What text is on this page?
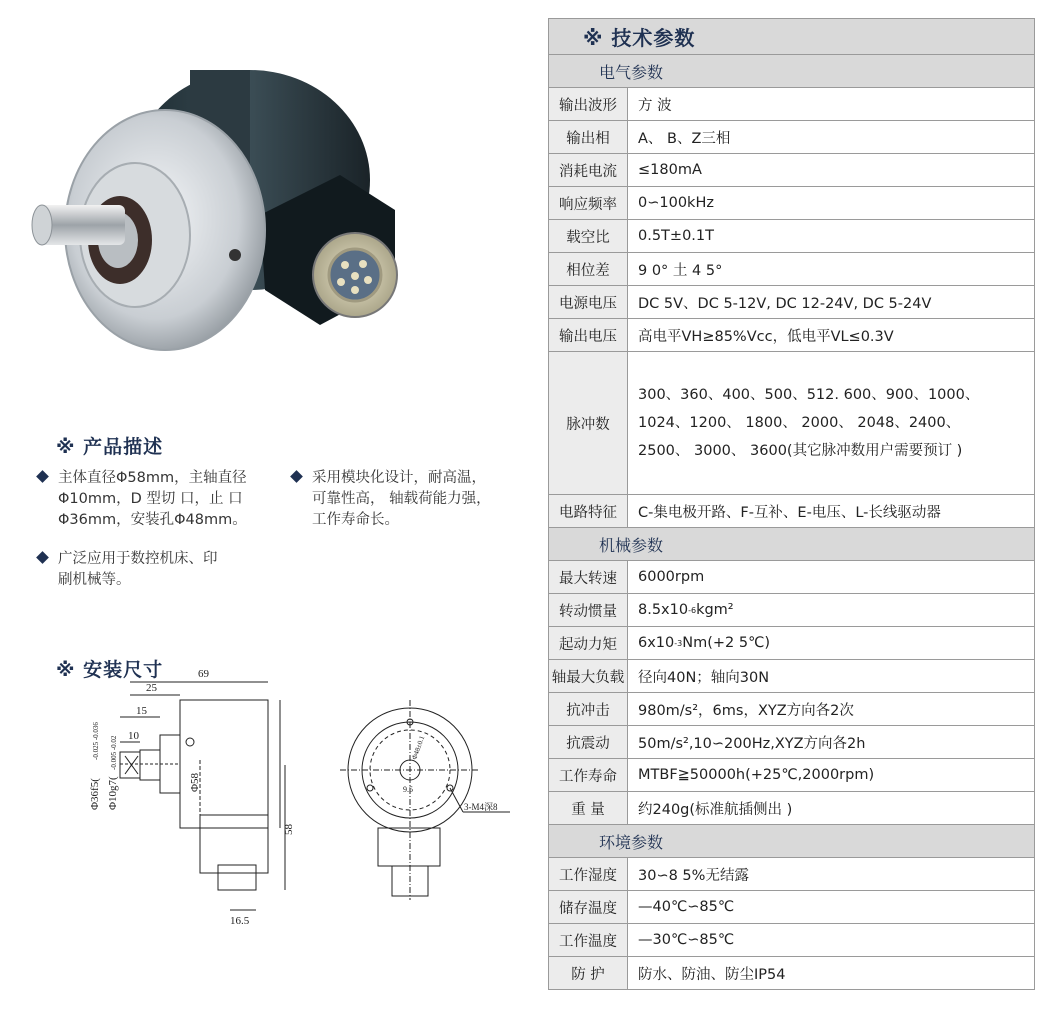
※ 产品描述
主体直径Φ58mm，主轴直径
Φ10mm，D 型切 口，止 口
Φ36mm，安装孔Φ48mm。
广泛应用于数控机床、印
刷机械等。
采用模块化设计，耐高温，
可靠性高， 轴载荷能力强，
工作寿命长。
※ 安装尺寸	69
25
15
10
Φ36f5(
-0.025 -0.036
Φ10g7(
-0.005 -0.02
Φ58
58
16.5
Φ48±0.1
9.5
3-M4深8
※ 技术参数
电气参数
输出波形	方 波
输出相	A、 B、Z三相
消耗电流	≤180mA
响应频率	0∽100kHz
载空比	0.5T±0.1T
相位差	9 0° 土 4 5°
电源电压	DC 5V、DC 5-12V, DC 12-24V, DC 5-24V
输出电压	高电平VH≥85%Vcc，低电平VL≤0.3V
脉冲数
300、360、400、500、512. 600、900、1000、
1024、1200、 1800、 2000、 2048、2400、
2500、 3000、 3600(其它脉冲数用户需要预订 )
电路特征	C-集电极开路、F-互补、E-电压、L-长线驱动器
机械参数
最大转速	6000rpm
转动惯量	8.5x10 -6 kgm²
起动力矩	6x10 -3 Nm(+2 5℃)
轴最大负载 径向40N；轴向30N
抗冲击	980m/s²，6ms，XYZ方向各2次
抗震动	50m/s²,10∽200Hz,XYZ方向各2h
工作寿命	MTBF≧50000h(+25℃,2000rpm)
重 量	约240g(标准航插侧出 )
环境参数
工作湿度	30∽8 5%无结露
储存温度	—40℃∽85℃
工作温度	—30℃∽85℃
防 护	防水、防油、防尘IP54
